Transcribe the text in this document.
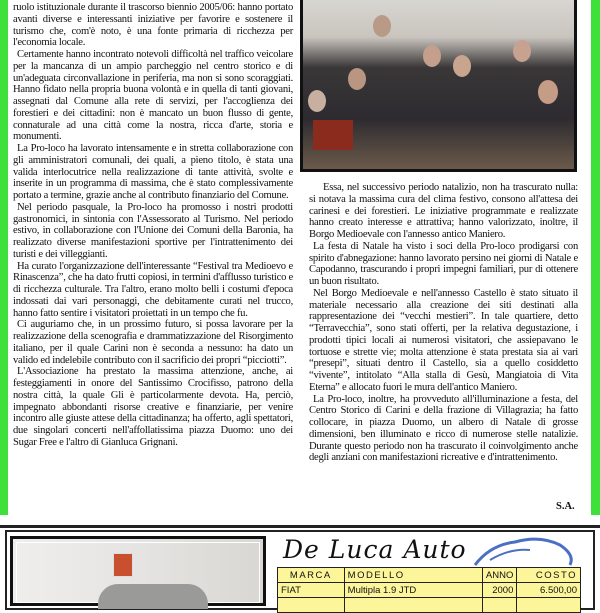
ruolo istituzionale durante il trascorso biennio 2005/06: hanno portato avanti diverse e interessanti iniziative per favorire e sostenere il turismo che, com'è noto, è una fonte primaria di ricchezza per l'economia locale.

Certamente hanno incontrato notevoli difficoltà nel traffico veicolare per la mancanza di un ampio parcheggio nel centro storico e di un'adeguata circonvallazione in periferia, ma non si sono scoraggiati. Hanno fidato nella propria buona volontà e in quella di tanti giovani, assegnati dal Comune alla rete di servizi, per l'accoglienza dei forestieri e dei cittadini: non è mancato un buon flusso di gente, connaturale ad una città come la nostra, ricca d'arte, storia e monumenti.

La Pro-loco ha lavorato intensamente e in stretta collaborazione con gli amministratori comunali, dei quali, a pieno titolo, è stata una valida interlocutrice nella realizzazione di tante attività, svolte e inserite in un programma di massima, che è stato complessivamente portato a termine, grazie anche al contributo finanziario del Comune.

Nel periodo pasquale, la Pro-loco ha promosso i nostri prodotti gastronomici, in sintonia con l'Assessorato al Turismo. Nel periodo estivo, in collaborazione con l'Unione dei Comuni della Baronia, ha realizzato diverse manifestazioni sportive per l'intrattenimento dei turisti e dei villeggianti.

Ha curato l'organizzazione dell'interessante “Festival tra Medioevo e Rinascenza”, che ha dato frutti copiosi, in termini d'afflusso turistico e di ricchezza culturale. Tra l'altro, erano molto belli i costumi d'epoca indossati dai vari personaggi, che debitamente curati nel trucco, hanno fatto sentire i visitatori proiettati in un tempo che fu.

Ci auguriamo che, in un prossimo futuro, si possa lavorare per la realizzazione della scenografia e drammatizzazione del Risorgimento italiano, per il quale Carini non è seconda a nessuno: ha dato un valido ed indelebile contributo con il sacrificio dei propri “picciotti”.

L'Associazione ha prestato la massima attenzione, anche, ai festeggiamenti in onore del Santissimo Crocifisso, patrono della nostra città, la quale Gli è particolarmente devota. Ha, perciò, impegnato abbondanti risorse creative e finanziarie, per venire incontro alle giuste attese della cittadinanza; ha offerto, agli spettatori, due singolari concerti nell'affollatissima piazza Duomo: uno dei Sugar Free e l'altro di Gianluca Grignani.

Essa, nel successivo periodo natalizio, non ha trascurato nulla: si notava la massima cura del clima festivo, consono all'attesa dei carinesi e dei forestieri. Le iniziative programmate e realizzate hanno creato interesse e attrattiva; hanno valorizzato, inoltre, il Borgo Medioevale con l'annesso antico Maniero.

La festa di Natale ha visto i soci della Pro-loco prodigarsi con spirito d'abnegazione: hanno lavorato persino nei giorni di Natale e Capodanno, trascurando i propri impegni familiari, pur di ottenere un buon risultato.

Nel Borgo Medioevale e nell'annesso Castello è stato situato il materiale necessario alla creazione dei siti destinati alla rappresentazione dei “vecchi mestieri”. In tale quartiere, detto “Terravecchia”, sono stati offerti, per la relativa degustazione, i prodotti tipici locali ai numerosi visitatori, che assiepavano le tortuose e strette vie; molta attenzione è stata prestata sia ai vari “presepi”, situati dentro il Castello, sia a quello cosiddetto “vivente”, intitolato “Alla stalla di Gesù, Mangiatoia di Vita Eterna” e allocato fuori le mura dell'antico Maniero.

La Pro-loco, inoltre, ha provveduto all'illuminazione a festa, del Centro Storico di Carini e della frazione di Villagrazia; ha fatto collocare, in piazza Duomo, un albero di Natale di grosse dimensioni, ben illuminato e ricco di numerose stelle natalizie. Durante questo periodo non ha trascurato il coinvolgimento anche degli anziani con manifestazioni ricreative e d'intrattenimento.

S.A.
De Luca Auto
MARCA	MODELLO	ANNO	COSTO
FIAT	Multipla 1.9 JTD	2000	6.500,00
